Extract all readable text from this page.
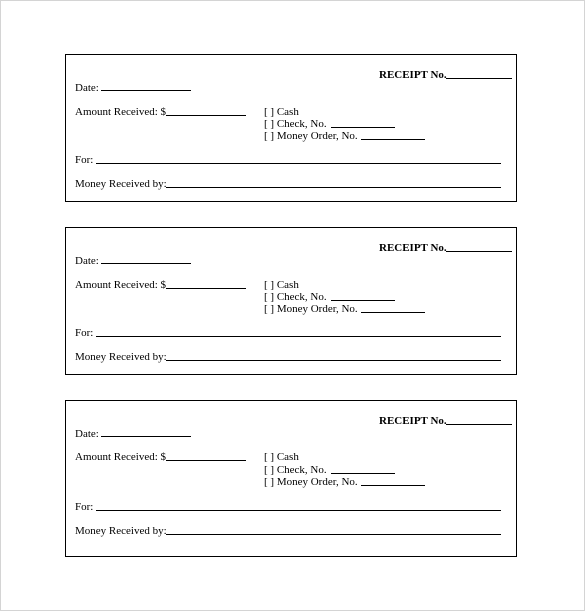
RECEIPT No.
Date:
Amount Received: $	[ ] Cash
[ ] Check, No.
[ ] Money Order, No.
For:
Money Received by:
RECEIPT No.
Date:
Amount Received: $	[ ] Cash
[ ] Check, No.
[ ] Money Order, No.
For:
Money Received by:
RECEIPT No.
Date:
Amount Received: $	[ ] Cash
[ ] Check, No.
[ ] Money Order, No.
For:
Money Received by:
